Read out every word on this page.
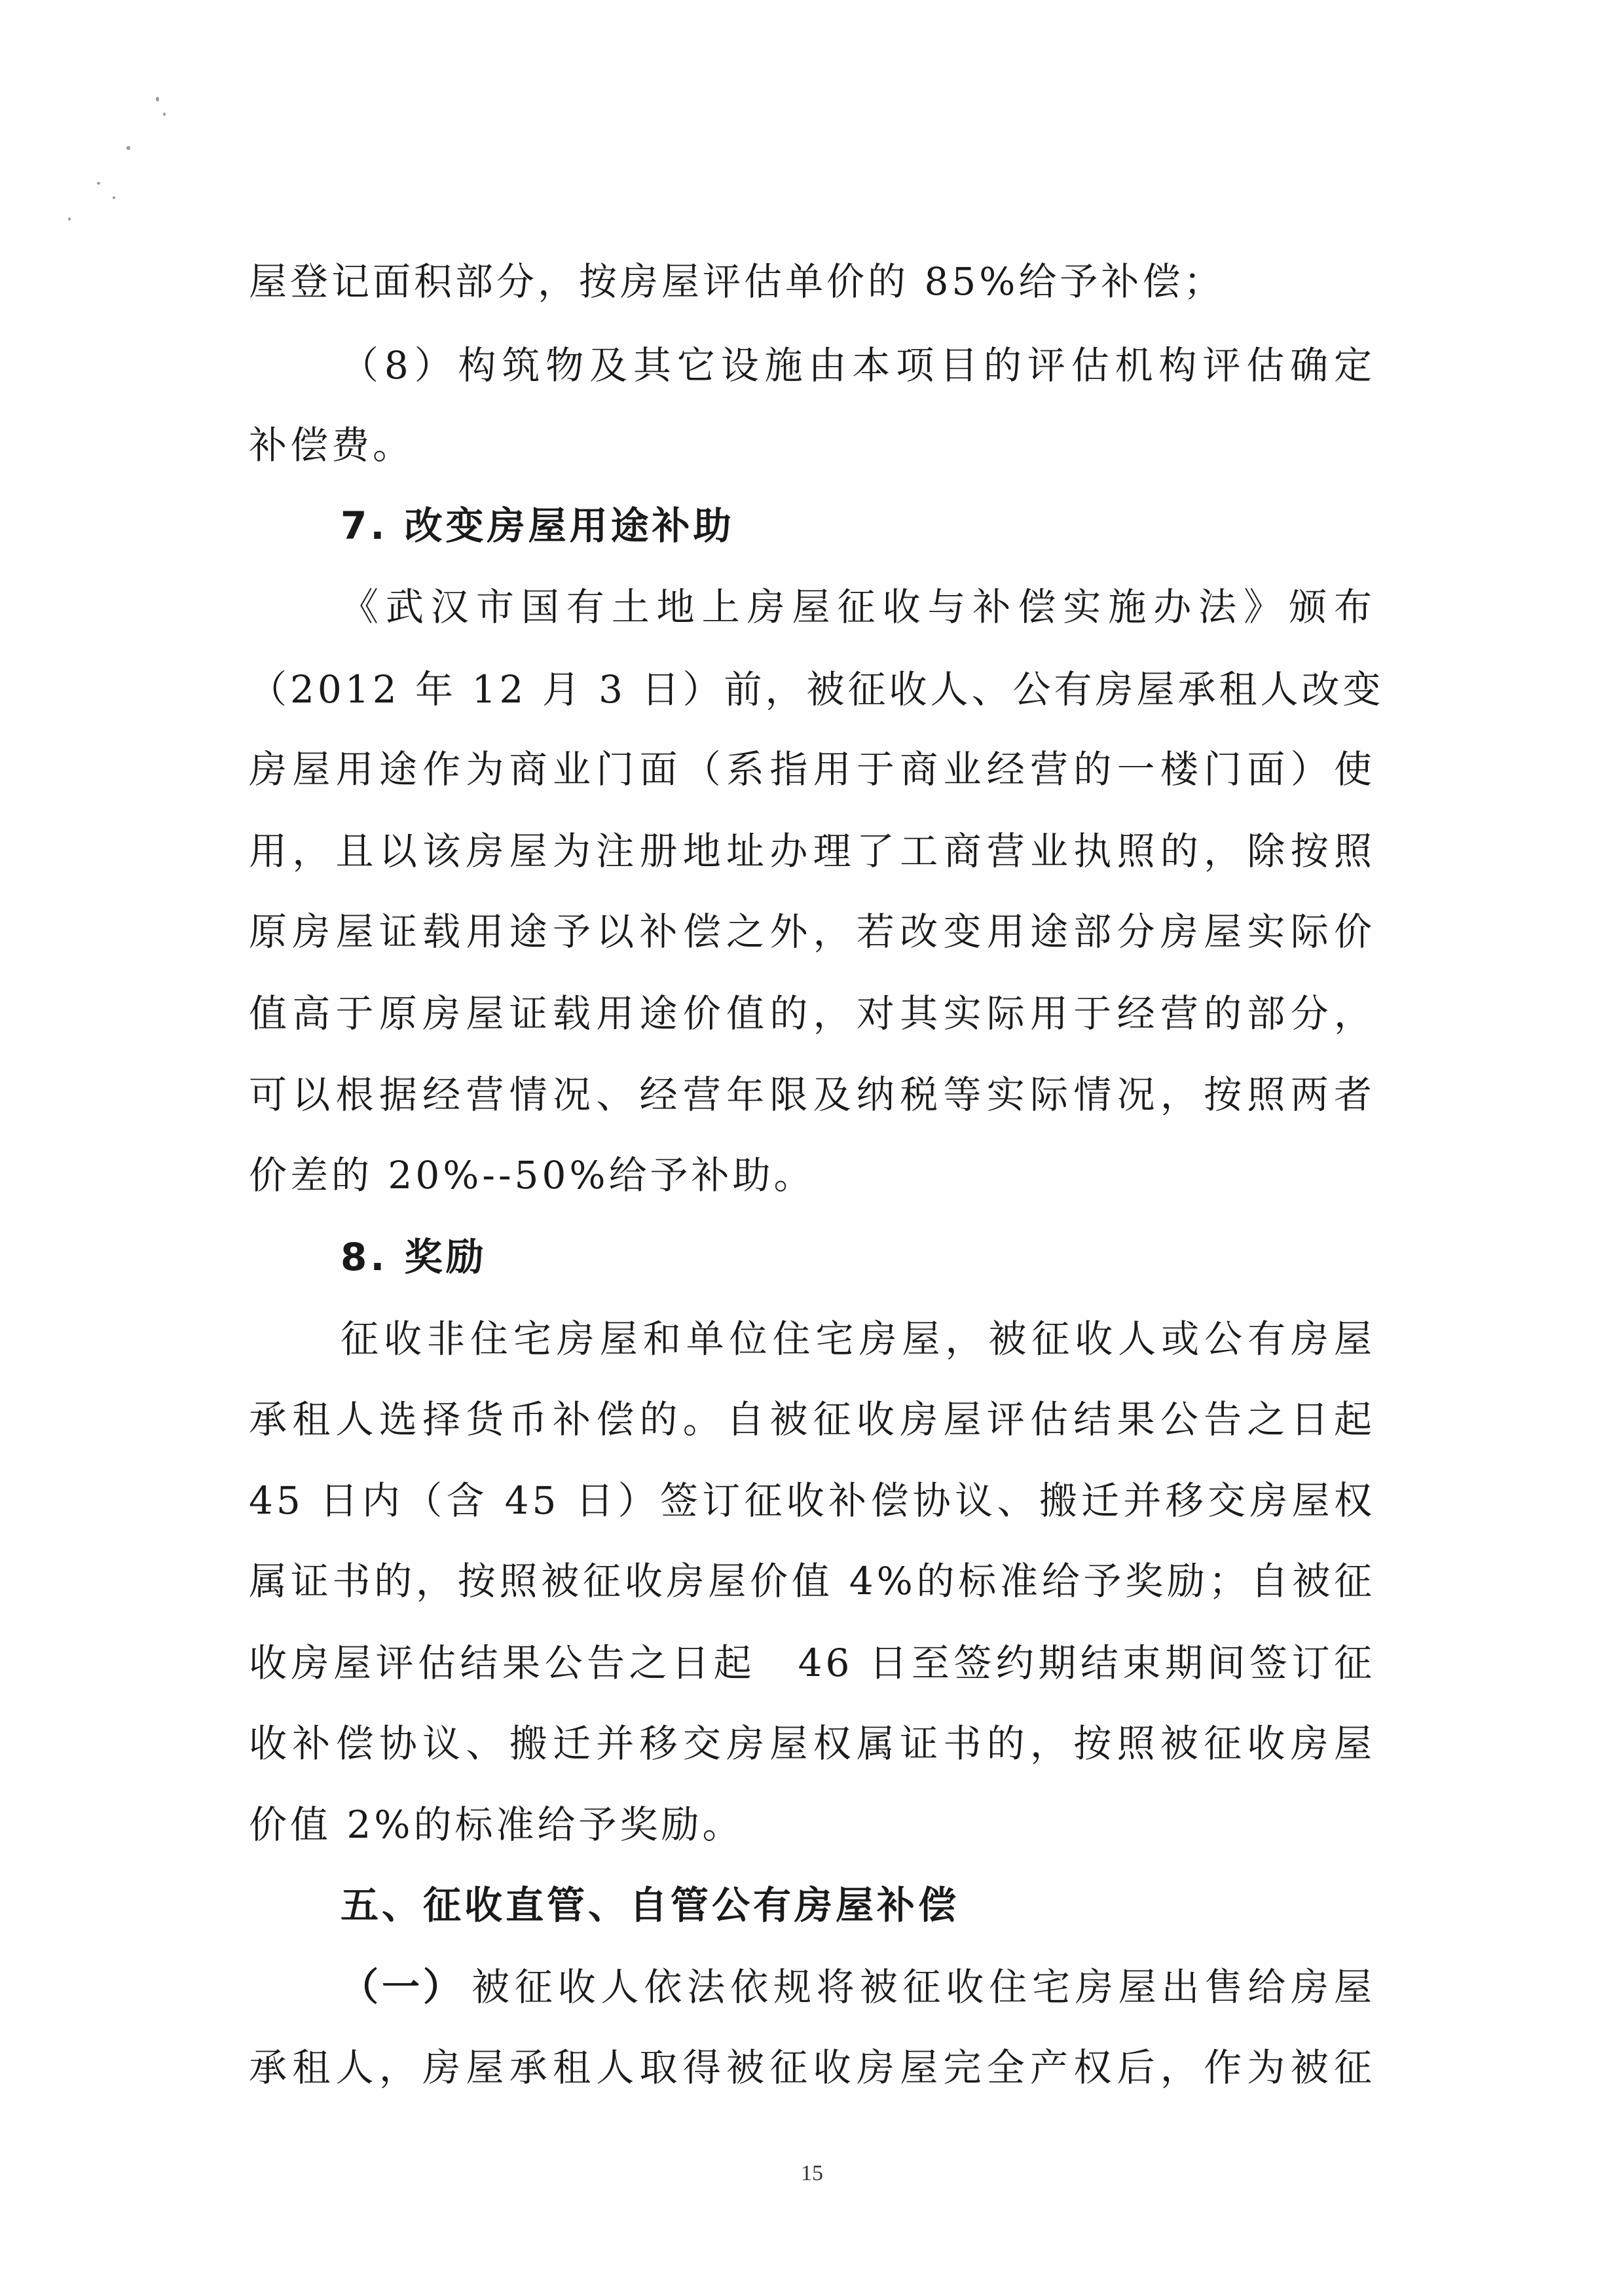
屋登记面积部分，按房屋评估单价的 85%给予补偿；
（8）构筑物及其它设施由本项目的评估机构评估确定
补偿费。
7. 改变房屋用途补助
《武汉市国有土地上房屋征收与补偿实施办法》颁布
（2012 年 12 月 3 日）前，被征收人、公有房屋承租人改变
房屋用途作为商业门面（系指用于商业经营的一楼门面）使
用，且以该房屋为注册地址办理了工商营业执照的，除按照
原房屋证载用途予以补偿之外，若改变用途部分房屋实际价
值高于原房屋证载用途价值的，对其实际用于经营的部分，
可以根据经营情况、经营年限及纳税等实际情况，按照两者
价差的 20%--50%给予补助。
8. 奖励
征收非住宅房屋和单位住宅房屋，被征收人或公有房屋
承租人选择货币补偿的。自被征收房屋评估结果公告之日起
45 日内（含 45 日）签订征收补偿协议、搬迁并移交房屋权
属证书的，按照被征收房屋价值 4%的标准给予奖励；自被征
收房屋评估结果公告之日起　46 日至签约期结束期间签订征
收补偿协议、搬迁并移交房屋权属证书的，按照被征收房屋
价值 2%的标准给予奖励。
五、征收直管、自管公有房屋补偿
（一） 被征收人依法依规将被征收住宅房屋出售给房屋
承租人，房屋承租人取得被征收房屋完全产权后，作为被征
15
